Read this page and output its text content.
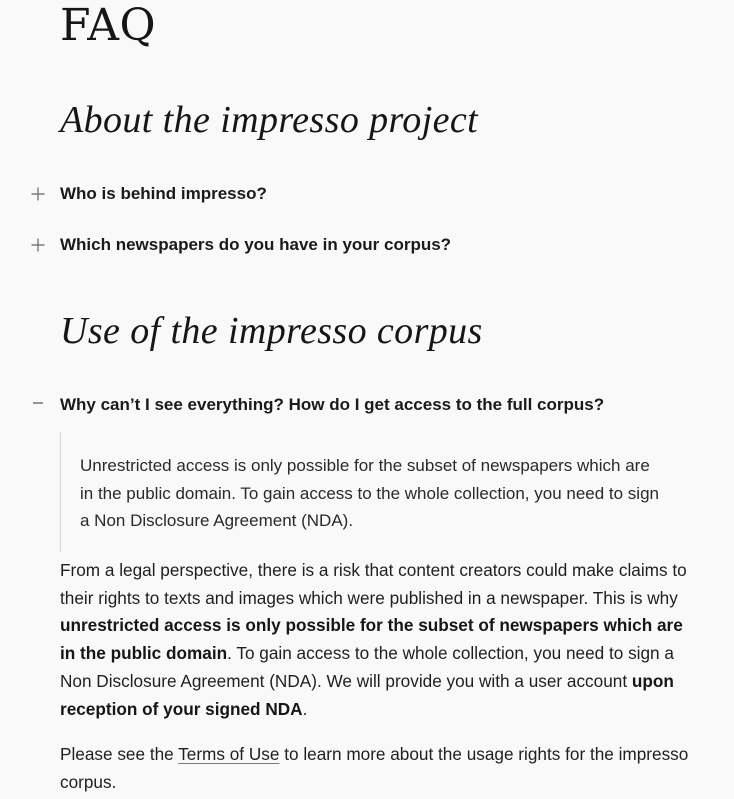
FAQ
About the impresso project
Who is behind impresso?
Which newspapers do you have in your corpus?
Use of the impresso corpus
Why can’t I see everything? How do I get access to the full corpus?

Unrestricted access is only possible for the subset of newspapers which are in the public domain. To gain access to the whole collection, you need to sign a Non Disclosure Agreement (NDA).

From a legal perspective, there is a risk that content creators could make claims to their rights to texts and images which were published in a newspaper. This is why unrestricted access is only possible for the subset of newspapers which are in the public domain. To gain access to the whole collection, you need to sign a Non Disclosure Agreement (NDA). We will provide you with a user account upon reception of your signed NDA.

Please see the Terms of Use to learn more about the usage rights for the impresso corpus.
